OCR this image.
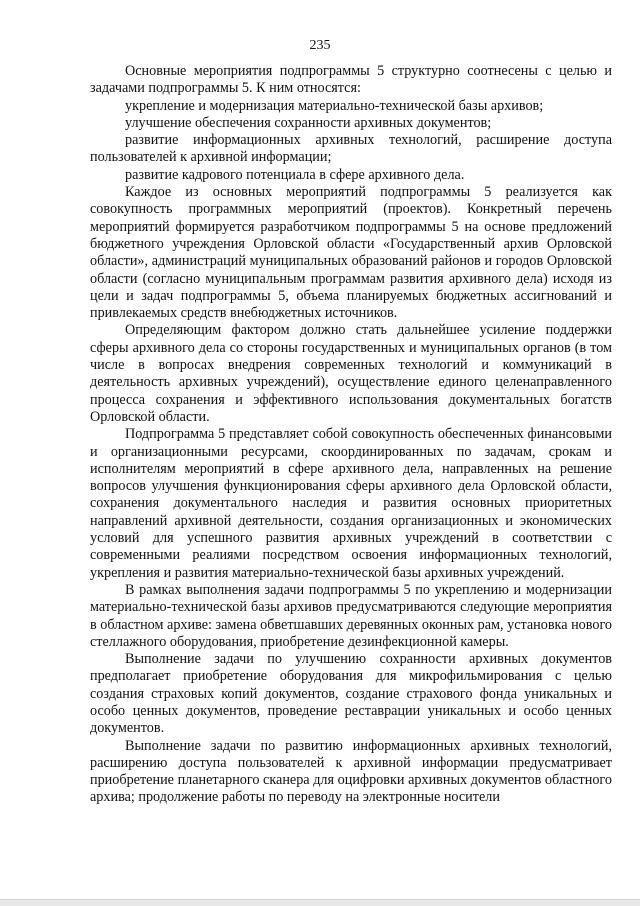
235

Основные мероприятия подпрограммы 5 структурно соотнесены с целью и задачами подпрограммы 5. К ним относятся:

укрепление и модернизация материально-технической базы архивов;

улучшение обеспечения сохранности архивных документов;

развитие информационных архивных технологий, расширение доступа пользователей к архивной информации;

развитие кадрового потенциала в сфере архивного дела.

Каждое из основных мероприятий подпрограммы 5 реализуется как совокупность программных мероприятий (проектов). Конкретный перечень мероприятий формируется разработчиком подпрограммы 5 на основе предложений бюджетного учреждения Орловской области «Государственный архив Орловской области», администраций муниципальных образований районов и городов Орловской области (согласно муниципальным программам развития архивного дела) исходя из цели и задач подпрограммы 5, объема планируемых бюджетных ассигнований и привлекаемых средств внебюджетных источников.

Определяющим фактором должно стать дальнейшее усиление поддержки сферы архивного дела со стороны государственных и муниципальных органов (в том числе в вопросах внедрения современных технологий и коммуникаций в деятельность архивных учреждений), осуществление единого целенаправленного процесса сохранения и эффективного использования документальных богатств Орловской области.

Подпрограмма 5 представляет собой совокупность обеспеченных финансовыми и организационными ресурсами, скоординированных по задачам, срокам и исполнителям мероприятий в сфере архивного дела, направленных на решение вопросов улучшения функционирования сферы архивного дела Орловской области, сохранения документального наследия и развития основных приоритетных направлений архивной деятельности, создания организационных и экономических условий для успешного развития архивных учреждений в соответствии с современными реалиями посредством освоения информационных технологий, укрепления и развития материально-технической базы архивных учреждений.

В рамках выполнения задачи подпрограммы 5 по укреплению и модернизации материально-технической базы архивов предусматриваются следующие мероприятия в областном архиве: замена обветшавших деревянных оконных рам, установка нового стеллажного оборудования, приобретение дезинфекционной камеры.

Выполнение задачи по улучшению сохранности архивных документов предполагает приобретение оборудования для микрофильмирования с целью создания страховых копий документов, создание страхового фонда уникальных и особо ценных документов, проведение реставрации уникальных и особо ценных документов.

Выполнение задачи по развитию информационных архивных технологий, расширению доступа пользователей к архивной информации предусматривает приобретение планетарного сканера для оцифровки архивных документов областного архива; продолжение работы по переводу на электронные носители
